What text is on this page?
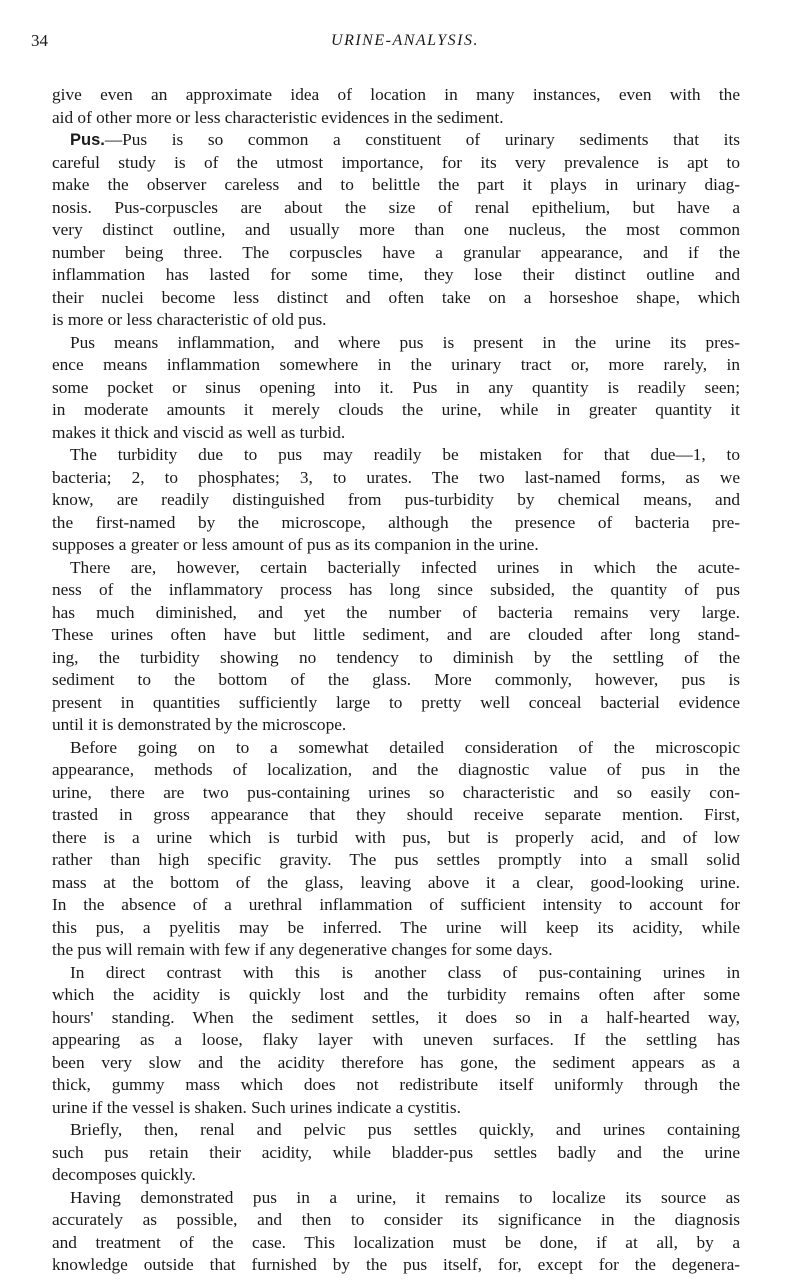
34	URINE-ANALYSIS.
give even an approximate idea of location in many instances, even with the
aid of other more or less characteristic evidences in the sediment.
Pus.—Pus is so common a constituent of urinary sediments that its
careful study is of the utmost importance, for its very prevalence is apt to
make the observer careless and to belittle the part it plays in urinary diag-
nosis. Pus-corpuscles are about the size of renal epithelium, but have a
very distinct outline, and usually more than one nucleus, the most common
number being three. The corpuscles have a granular appearance, and if the
inflammation has lasted for some time, they lose their distinct outline and
their nuclei become less distinct and often take on a horseshoe shape, which
is more or less characteristic of old pus.
Pus means inflammation, and where pus is present in the urine its pres-
ence means inflammation somewhere in the urinary tract or, more rarely, in
some pocket or sinus opening into it. Pus in any quantity is readily seen;
in moderate amounts it merely clouds the urine, while in greater quantity it
makes it thick and viscid as well as turbid.
The turbidity due to pus may readily be mistaken for that due—1, to
bacteria; 2, to phosphates; 3, to urates. The two last-named forms, as we
know, are readily distinguished from pus-turbidity by chemical means, and
the first-named by the microscope, although the presence of bacteria pre-
supposes a greater or less amount of pus as its companion in the urine.
There are, however, certain bacterially infected urines in which the acute-
ness of the inflammatory process has long since subsided, the quantity of pus
has much diminished, and yet the number of bacteria remains very large.
These urines often have but little sediment, and are clouded after long stand-
ing, the turbidity showing no tendency to diminish by the settling of the
sediment to the bottom of the glass. More commonly, however, pus is
present in quantities sufficiently large to pretty well conceal bacterial evidence
until it is demonstrated by the microscope.
Before going on to a somewhat detailed consideration of the microscopic
appearance, methods of localization, and the diagnostic value of pus in the
urine, there are two pus-containing urines so characteristic and so easily con-
trasted in gross appearance that they should receive separate mention. First,
there is a urine which is turbid with pus, but is properly acid, and of low
rather than high specific gravity. The pus settles promptly into a small solid
mass at the bottom of the glass, leaving above it a clear, good-looking urine.
In the absence of a urethral inflammation of sufficient intensity to account for
this pus, a pyelitis may be inferred. The urine will keep its acidity, while
the pus will remain with few if any degenerative changes for some days.
In direct contrast with this is another class of pus-containing urines in
which the acidity is quickly lost and the turbidity remains often after some
hours' standing. When the sediment settles, it does so in a half-hearted way,
appearing as a loose, flaky layer with uneven surfaces. If the settling has
been very slow and the acidity therefore has gone, the sediment appears as a
thick, gummy mass which does not redistribute itself uniformly through the
urine if the vessel is shaken. Such urines indicate a cystitis.
Briefly, then, renal and pelvic pus settles quickly, and urines containing
such pus retain their acidity, while bladder-pus settles badly and the urine
decomposes quickly.
Having demonstrated pus in a urine, it remains to localize its source as
accurately as possible, and then to consider its significance in the diagnosis
and treatment of the case. This localization must be done, if at all, by a
knowledge outside that furnished by the pus itself, for, except for the degenera-
